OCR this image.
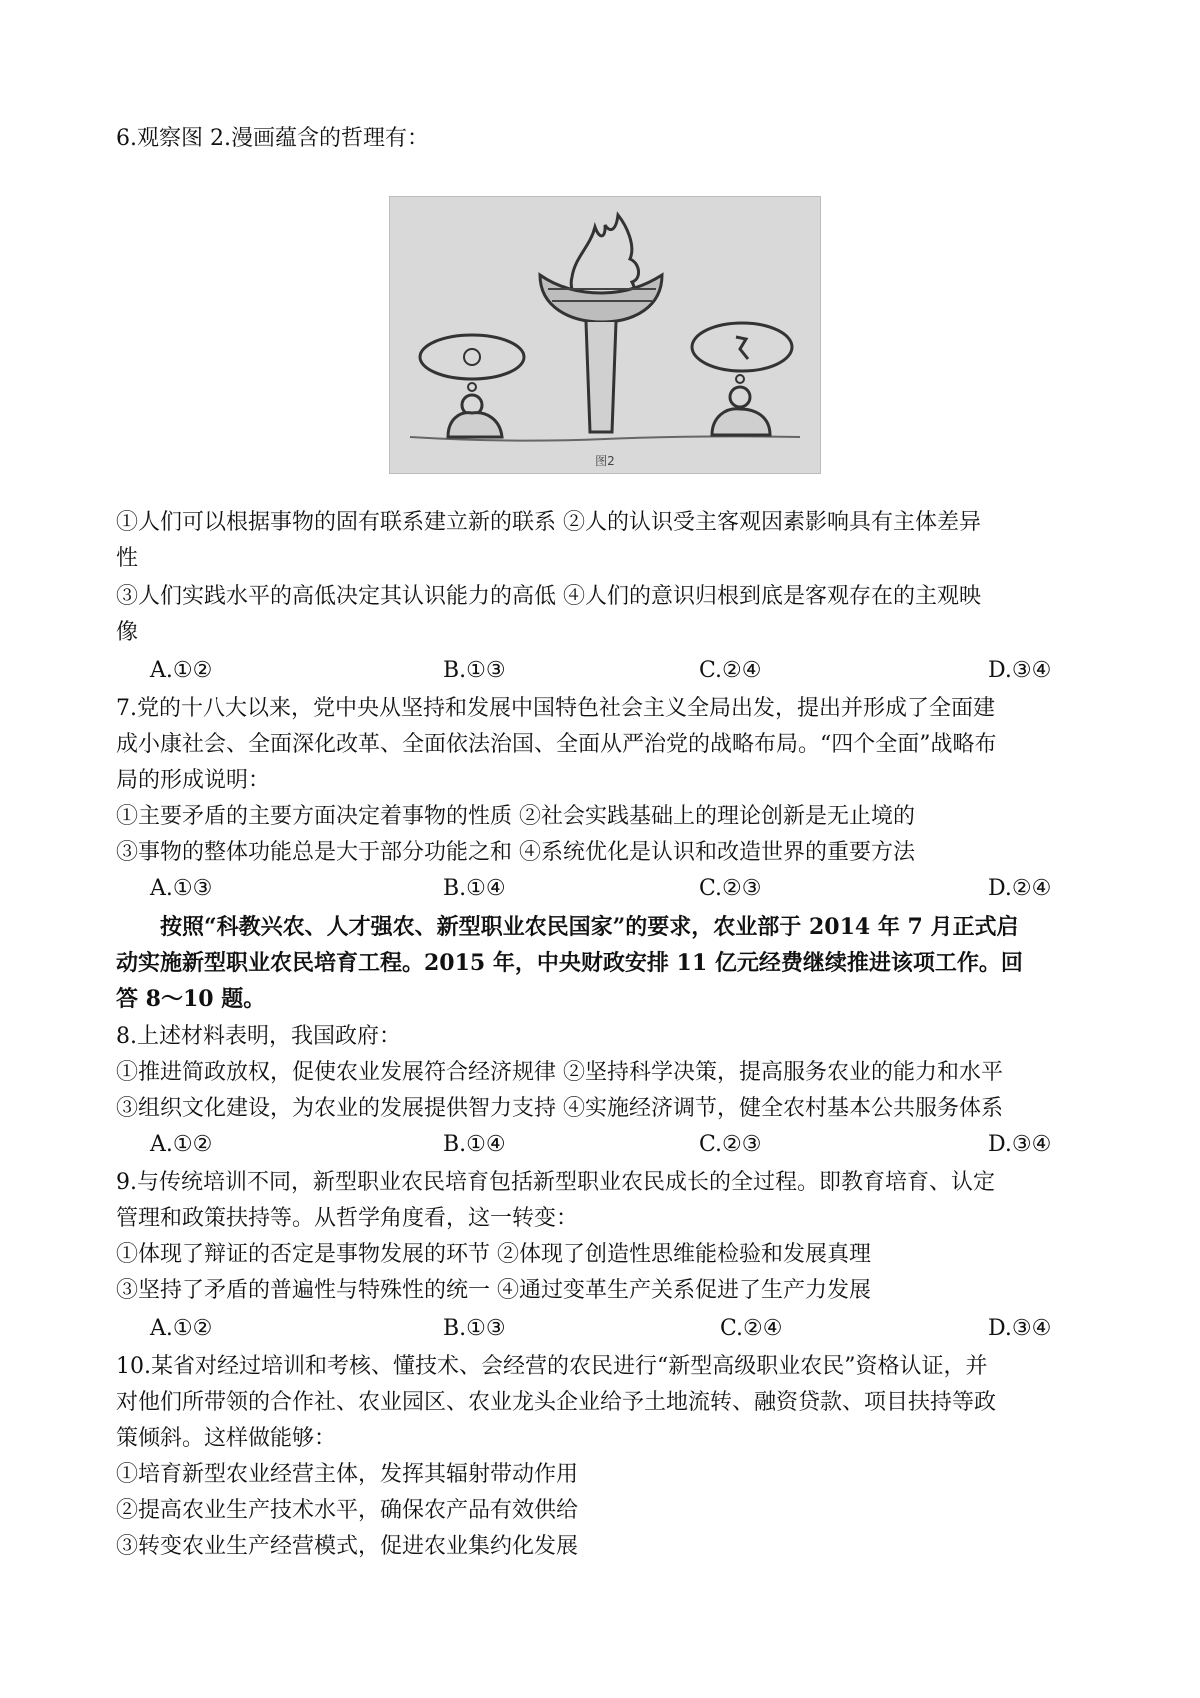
6.观察图 2.漫画蕴含的哲理有：
图2
①人们可以根据事物的固有联系建立新的联系 ②人的认识受主客观因素影响具有主体差异
性
③人们实践水平的高低决定其认识能力的高低 ④人们的意识归根到底是客观存在的主观映
像
A.①②	B.①③	C.②④	D.③④
7.党的十八大以来，党中央从坚持和发展中国特色社会主义全局出发，提出并形成了全面建
成小康社会、全面深化改革、全面依法治国、全面从严治党的战略布局。“四个全面”战略布
局的形成说明：
①主要矛盾的主要方面决定着事物的性质 ②社会实践基础上的理论创新是无止境的
③事物的整体功能总是大于部分功能之和 ④系统优化是认识和改造世界的重要方法
A.①③	B.①④	C.②③	D.②④
按照“科教兴农、人才强农、新型职业农民国家”的要求，农业部于 2014 年 7 月正式启
动实施新型职业农民培育工程。2015 年，中央财政安排 11 亿元经费继续推进该项工作。回
答 8～10 题。
8.上述材料表明，我国政府：
①推进简政放权，促使农业发展符合经济规律 ②坚持科学决策，提高服务农业的能力和水平
③组织文化建设，为农业的发展提供智力支持 ④实施经济调节，健全农村基本公共服务体系
A.①②	B.①④	C.②③	D.③④
9.与传统培训不同，新型职业农民培育包括新型职业农民成长的全过程。即教育培育、认定
管理和政策扶持等。从哲学角度看，这一转变：
①体现了辩证的否定是事物发展的环节 ②体现了创造性思维能检验和发展真理
③坚持了矛盾的普遍性与特殊性的统一 ④通过变革生产关系促进了生产力发展
A.①②	B.①③	C.②④	D.③④
10.某省对经过培训和考核、懂技术、会经营的农民进行“新型高级职业农民”资格认证，并
对他们所带领的合作社、农业园区、农业龙头企业给予土地流转、融资贷款、项目扶持等政
策倾斜。这样做能够：
①培育新型农业经营主体，发挥其辐射带动作用
②提高农业生产技术水平，确保农产品有效供给
③转变农业生产经营模式，促进农业集约化发展
